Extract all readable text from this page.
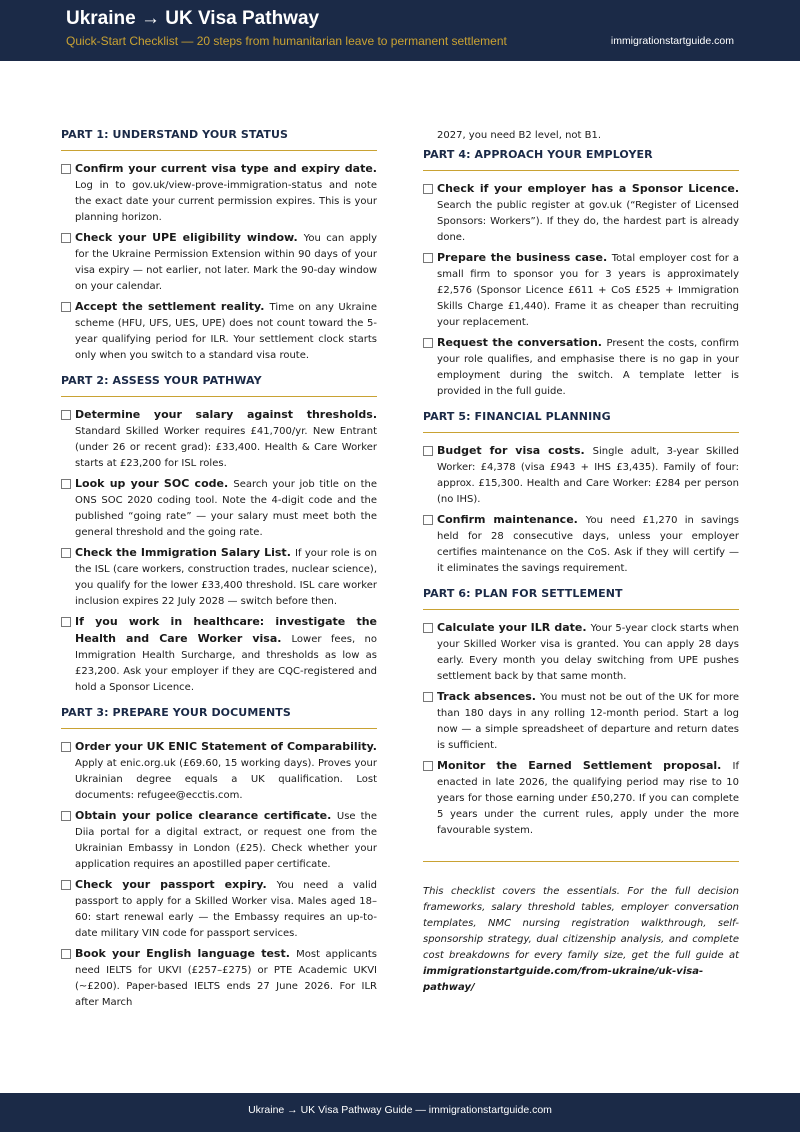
Ukraine → UK Visa Pathway
Quick-Start Checklist — 20 steps from humanitarian leave to permanent settlement	immigrationstartguide.com
PART 1: UNDERSTAND YOUR STATUS
Confirm your current visa type and expiry date. Log in to gov.uk/view-prove-immigration-status and note the exact date your current permission expires. This is your planning horizon.
Check your UPE eligibility window. You can apply for the Ukraine Permission Extension within 90 days of your visa expiry — not earlier, not later. Mark the 90-day window on your calendar.
Accept the settlement reality. Time on any Ukraine scheme (HFU, UFS, UES, UPE) does not count toward the 5-year qualifying period for ILR. Your settlement clock starts only when you switch to a standard visa route.
PART 2: ASSESS YOUR PATHWAY
Determine your salary against thresholds. Standard Skilled Worker requires £41,700/yr. New Entrant (under 26 or recent grad): £33,400. Health & Care Worker starts at £23,200 for ISL roles.
Look up your SOC code. Search your job title on the ONS SOC 2020 coding tool. Note the 4-digit code and the published “going rate” — your salary must meet both the general threshold and the going rate.
Check the Immigration Salary List. If your role is on the ISL (care workers, construction trades, nuclear science), you qualify for the lower £33,400 threshold. ISL care worker inclusion expires 22 July 2028 — switch before then.
If you work in healthcare: investigate the Health and Care Worker visa. Lower fees, no Immigration Health Surcharge, and thresholds as low as £23,200. Ask your employer if they are CQC-registered and hold a Sponsor Licence.
PART 3: PREPARE YOUR DOCUMENTS
Order your UK ENIC Statement of Comparability. Apply at enic.org.uk (£69.60, 15 working days). Proves your Ukrainian degree equals a UK qualification. Lost documents: refugee@ecctis.com.
Obtain your police clearance certificate. Use the Diia portal for a digital extract, or request one from the Ukrainian Embassy in London (£25). Check whether your application requires an apostilled paper certificate.
Check your passport expiry. You need a valid passport to apply for a Skilled Worker visa. Males aged 18–60: start renewal early — the Embassy requires an up-to-date military VIN code for passport services.
Book your English language test. Most applicants need IELTS for UKVI (£257–£275) or PTE Academic UKVI (~£200). Paper-based IELTS ends 27 June 2026. For ILR after March
2027, you need B2 level, not B1.
PART 4: APPROACH YOUR EMPLOYER
Check if your employer has a Sponsor Licence. Search the public register at gov.uk (“Register of Licensed Sponsors: Workers”). If they do, the hardest part is already done.
Prepare the business case. Total employer cost for a small firm to sponsor you for 3 years is approximately £2,576 (Sponsor Licence £611 + CoS £525 + Immigration Skills Charge £1,440). Frame it as cheaper than recruiting your replacement.
Request the conversation. Present the costs, confirm your role qualifies, and emphasise there is no gap in your employment during the switch. A template letter is provided in the full guide.
PART 5: FINANCIAL PLANNING
Budget for visa costs. Single adult, 3-year Skilled Worker: £4,378 (visa £943 + IHS £3,435). Family of four: approx. £15,300. Health and Care Worker: £284 per person (no IHS).
Confirm maintenance. You need £1,270 in savings held for 28 consecutive days, unless your employer certifies maintenance on the CoS. Ask if they will certify — it eliminates the savings requirement.
PART 6: PLAN FOR SETTLEMENT
Calculate your ILR date. Your 5-year clock starts when your Skilled Worker visa is granted. You can apply 28 days early. Every month you delay switching from UPE pushes settlement back by that same month.
Track absences. You must not be out of the UK for more than 180 days in any rolling 12-month period. Start a log now — a simple spreadsheet of departure and return dates is sufficient.
Monitor the Earned Settlement proposal. If enacted in late 2026, the qualifying period may rise to 10 years for those earning under £50,270. If you can complete 5 years under the current rules, apply under the more favourable system.
This checklist covers the essentials. For the full decision frameworks, salary threshold tables, employer conversation templates, NMC nursing registration walkthrough, self-sponsorship strategy, dual citizenship analysis, and complete cost breakdowns for every family size, get the full guide at immigrationstartguide.com/from-ukraine/uk-visa-pathway/
Ukraine → UK Visa Pathway Guide — immigrationstartguide.com
